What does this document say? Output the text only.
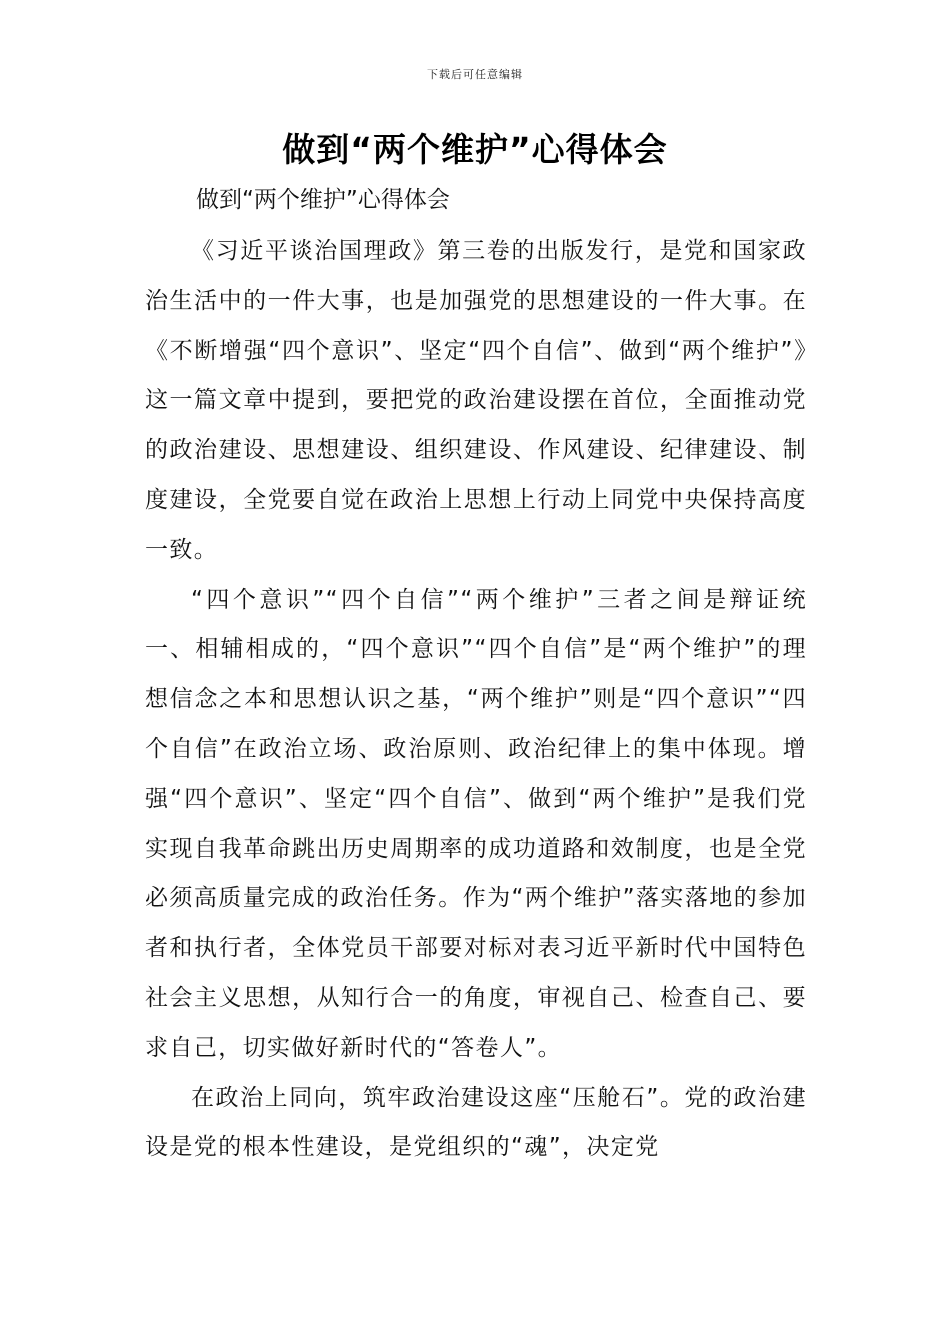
下载后可任意编辑
做到“两个维护”心得体会
做到“两个维护”心得体会

《习近平谈治国理政》第三卷的出版发行，是党和国家政治生活中的一件大事，也是加强党的思想建设的一件大事。在《不断增强“四个意识”、坚定“四个自信”、做到“两个维护”》这一篇文章中提到，要把党的政治建设摆在首位，全面推动党的政治建设、思想建设、组织建设、作风建设、纪律建设、制度建设，全党要自觉在政治上思想上行动上同党中央保持高度一致。

“四个意识”“四个自信”“两个维护”三者之间是辩证统一、相辅相成的，“四个意识”“四个自信”是“两个维护”的理想信念之本和思想认识之基，“两个维护”则是“四个意识”“四个自信”在政治立场、政治原则、政治纪律上的集中体现。增强“四个意识”、坚定“四个自信”、做到“两个维护”是我们党实现自我革命跳出历史周期率的成功道路和效制度，也是全党必须高质量完成的政治任务。作为“两个维护”落实落地的参加者和执行者，全体党员干部要对标对表习近平新时代中国特色社会主义思想，从知行合一的角度，审视自己、检查自己、要求自己，切实做好新时代的“答卷人”。

在政治上同向，筑牢政治建设这座“压舱石”。党的政治建设是党的根本性建设，是党组织的“魂”，决定党
